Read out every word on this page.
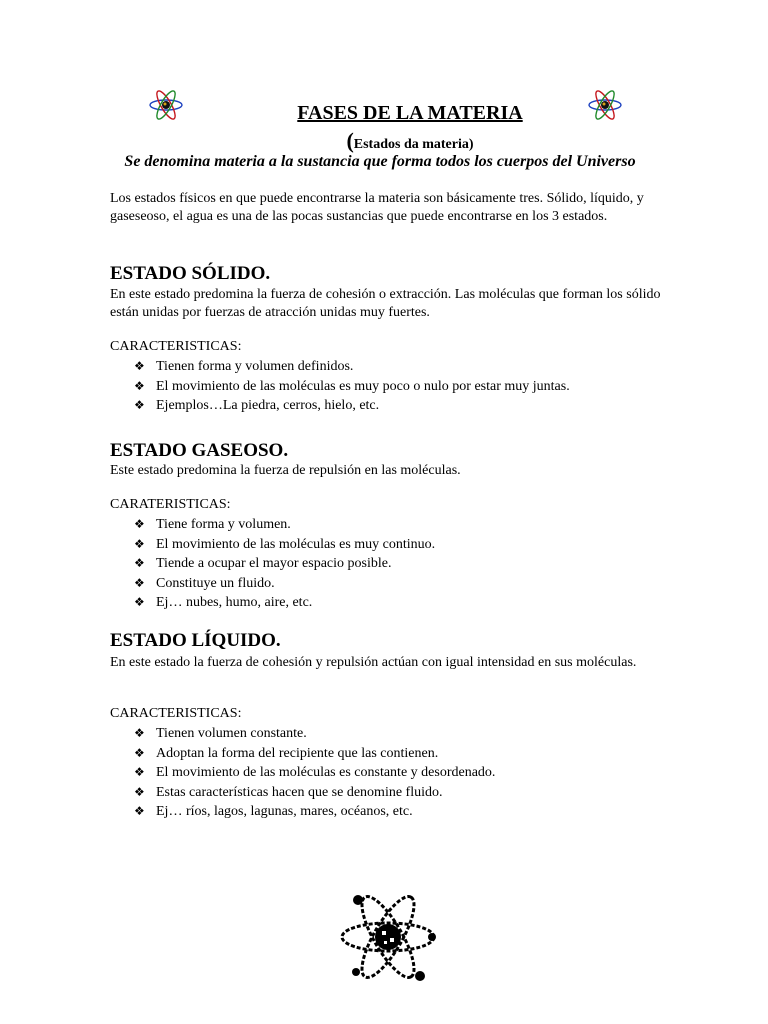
FASES DE LA MATERIA
(Estados da materia)
Se denomina materia a la sustancia que forma todos los cuerpos del Universo
Los estados físicos en que puede encontrarse la materia son básicamente tres. Sólido, líquido, y gaseseoso, el agua es una de las pocas sustancias que puede encontrarse en los 3 estados.
ESTADO SÓLIDO.
En este estado predomina la fuerza de cohesión o extracción. Las moléculas que forman los sólido están unidas por fuerzas de atracción unidas muy fuertes.
CARACTERISTICAS:
❖ Tienen forma y volumen definidos.
❖ El movimiento de las moléculas es muy poco o nulo por estar muy juntas.
❖ Ejemplos…La piedra, cerros, hielo, etc.
ESTADO GASEOSO.
Este estado predomina la fuerza de repulsión en las moléculas.
CARATERISTICAS:
❖ Tiene forma y volumen.
❖ El movimiento de las moléculas es muy continuo.
❖ Tiende a ocupar el mayor espacio posible.
❖ Constituye un fluido.
❖ Ej… nubes, humo, aire, etc.
ESTADO LÍQUIDO.
En este estado la fuerza de cohesión y repulsión actúan con igual intensidad en sus moléculas.
CARACTERISTICAS:
❖ Tienen volumen constante.
❖ Adoptan la forma del recipiente que las contienen.
❖ El movimiento de las moléculas es constante y desordenado.
❖ Estas características hacen que se denomine fluido.
❖ Ej… ríos, lagos, lagunas, mares, océanos, etc.
